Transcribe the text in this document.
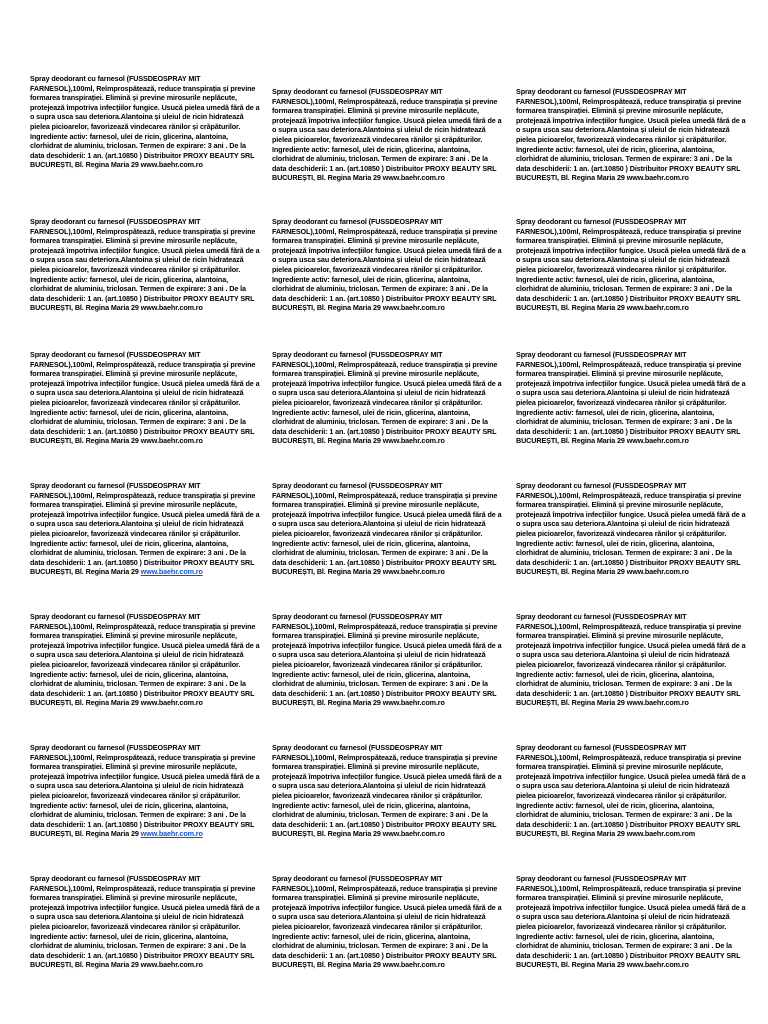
Spray deodorant cu farnesol (FUSSDEOSPRAY MIT FARNESOL),100ml, Reîmprospătează, reduce transpirația și previne formarea transpirației. Elimină și previne mirosurile neplăcute, protejează împotriva infecțiilor fungice. Usucă pielea umedă fără de a o supra usca sau deteriora.Alantoina și uleiul de ricin hidratează pielea picioarelor, favorizează vindecarea rănilor și crăpăturilor. Ingrediente activ: farnesol, ulei de ricin, glicerina, alantoina, clorhidrat de aluminiu, triclosan. Termen de expirare: 3 ani . De la data deschiderii: 1 an. (art.10850 ) Distribuitor PROXY BEAUTY SRL BUCUREȘTI, Bl. Regina Maria 29 www.baehr.com.ro

Spray deodorant cu farnesol (FUSSDEOSPRAY MIT FARNESOL),100ml, Reîmprospătează, reduce transpirația și previne formarea transpirației. Elimină și previne mirosurile neplăcute, protejează împotriva infecțiilor fungice. Usucă pielea umedă fără de a o supra usca sau deteriora.Alantoina și uleiul de ricin hidratează pielea picioarelor, favorizează vindecarea rănilor și crăpăturilor. Ingrediente activ: farnesol, ulei de ricin, glicerina, alantoina, clorhidrat de aluminiu, triclosan. Termen de expirare: 3 ani . De la data deschiderii: 1 an. (art.10850 ) Distribuitor PROXY BEAUTY SRL BUCUREȘTI, Bl. Regina Maria 29 www.baehr.com.ro

Spray deodorant cu farnesol (FUSSDEOSPRAY MIT FARNESOL),100ml, Reîmprospătează, reduce transpirația și previne formarea transpirației. Elimină și previne mirosurile neplăcute, protejează împotriva infecțiilor fungice. Usucă pielea umedă fără de a o supra usca sau deteriora.Alantoina și uleiul de ricin hidratează pielea picioarelor, favorizează vindecarea rănilor și crăpăturilor. Ingrediente activ: farnesol, ulei de ricin, glicerina, alantoina, clorhidrat de aluminiu, triclosan. Termen de expirare: 3 ani . De la data deschiderii: 1 an. (art.10850 ) Distribuitor PROXY BEAUTY SRL BUCUREȘTI, Bl. Regina Maria 29 www.baehr.com.ro

Spray deodorant cu farnesol (FUSSDEOSPRAY MIT FARNESOL),100ml, Reîmprospătează, reduce transpirația și previne formarea transpirației. Elimină și previne mirosurile neplăcute, protejează împotriva infecțiilor fungice. Usucă pielea umedă fără de a o supra usca sau deteriora.Alantoina și uleiul de ricin hidratează pielea picioarelor, favorizează vindecarea rănilor și crăpăturilor. Ingrediente activ: farnesol, ulei de ricin, glicerina, alantoina, clorhidrat de aluminiu, triclosan. Termen de expirare: 3 ani . De la data deschiderii: 1 an. (art.10850 ) Distribuitor PROXY BEAUTY SRL BUCUREȘTI, Bl. Regina Maria 29 www.baehr.com.ro

Spray deodorant cu farnesol (FUSSDEOSPRAY MIT FARNESOL),100ml, Reîmprospătează, reduce transpirația și previne formarea transpirației. Elimină și previne mirosurile neplăcute, protejează împotriva infecțiilor fungice. Usucă pielea umedă fără de a o supra usca sau deteriora.Alantoina și uleiul de ricin hidratează pielea picioarelor, favorizează vindecarea rănilor și crăpăturilor. Ingrediente activ: farnesol, ulei de ricin, glicerina, alantoina, clorhidrat de aluminiu, triclosan. Termen de expirare: 3 ani . De la data deschiderii: 1 an. (art.10850 ) Distribuitor PROXY BEAUTY SRL BUCUREȘTI, Bl. Regina Maria 29 www.baehr.com.ro

Spray deodorant cu farnesol (FUSSDEOSPRAY MIT FARNESOL),100ml, Reîmprospătează, reduce transpirația și previne formarea transpirației. Elimină și previne mirosurile neplăcute, protejează împotriva infecțiilor fungice. Usucă pielea umedă fără de a o supra usca sau deteriora.Alantoina și uleiul de ricin hidratează pielea picioarelor, favorizează vindecarea rănilor și crăpăturilor. Ingrediente activ: farnesol, ulei de ricin, glicerina, alantoina, clorhidrat de aluminiu, triclosan. Termen de expirare: 3 ani . De la data deschiderii: 1 an. (art.10850 ) Distribuitor PROXY BEAUTY SRL BUCUREȘTI, Bl. Regina Maria 29 www.baehr.com.ro

Spray deodorant cu farnesol (FUSSDEOSPRAY MIT FARNESOL),100ml, Reîmprospătează, reduce transpirația și previne formarea transpirației. Elimină și previne mirosurile neplăcute, protejează împotriva infecțiilor fungice. Usucă pielea umedă fără de a o supra usca sau deteriora.Alantoina și uleiul de ricin hidratează pielea picioarelor, favorizează vindecarea rănilor și crăpăturilor. Ingrediente activ: farnesol, ulei de ricin, glicerina, alantoina, clorhidrat de aluminiu, triclosan. Termen de expirare: 3 ani . De la data deschiderii: 1 an. (art.10850 ) Distribuitor PROXY BEAUTY SRL BUCUREȘTI, Bl. Regina Maria 29 www.baehr.com.ro

Spray deodorant cu farnesol (FUSSDEOSPRAY MIT FARNESOL),100ml, Reîmprospătează, reduce transpirația și previne formarea transpirației. Elimină și previne mirosurile neplăcute, protejează împotriva infecțiilor fungice. Usucă pielea umedă fără de a o supra usca sau deteriora.Alantoina și uleiul de ricin hidratează pielea picioarelor, favorizează vindecarea rănilor și crăpăturilor. Ingrediente activ: farnesol, ulei de ricin, glicerina, alantoina, clorhidrat de aluminiu, triclosan. Termen de expirare: 3 ani . De la data deschiderii: 1 an. (art.10850 ) Distribuitor PROXY BEAUTY SRL BUCUREȘTI, Bl. Regina Maria 29 www.baehr.com.ro

Spray deodorant cu farnesol (FUSSDEOSPRAY MIT FARNESOL),100ml, Reîmprospătează, reduce transpirația și previne formarea transpirației. Elimină și previne mirosurile neplăcute, protejează împotriva infecțiilor fungice. Usucă pielea umedă fără de a o supra usca sau deteriora.Alantoina și uleiul de ricin hidratează pielea picioarelor, favorizează vindecarea rănilor și crăpăturilor. Ingrediente activ: farnesol, ulei de ricin, glicerina, alantoina, clorhidrat de aluminiu, triclosan. Termen de expirare: 3 ani . De la data deschiderii: 1 an. (art.10850 ) Distribuitor PROXY BEAUTY SRL BUCUREȘTI, Bl. Regina Maria 29 www.baehr.com.ro

Spray deodorant cu farnesol (FUSSDEOSPRAY MIT FARNESOL),100ml, Reîmprospătează, reduce transpirația și previne formarea transpirației. Elimină și previne mirosurile neplăcute, protejează împotriva infecțiilor fungice. Usucă pielea umedă fără de a o supra usca sau deteriora.Alantoina și uleiul de ricin hidratează pielea picioarelor, favorizează vindecarea rănilor și crăpăturilor. Ingrediente activ: farnesol, ulei de ricin, glicerina, alantoina, clorhidrat de aluminiu, triclosan. Termen de expirare: 3 ani . De la data deschiderii: 1 an. (art.10850 ) Distribuitor PROXY BEAUTY SRL BUCUREȘTI, Bl. Regina Maria 29 www.baehr.com.ro

Spray deodorant cu farnesol (FUSSDEOSPRAY MIT FARNESOL),100ml, Reîmprospătează, reduce transpirația și previne formarea transpirației. Elimină și previne mirosurile neplăcute, protejează împotriva infecțiilor fungice. Usucă pielea umedă fără de a o supra usca sau deteriora.Alantoina și uleiul de ricin hidratează pielea picioarelor, favorizează vindecarea rănilor și crăpăturilor. Ingrediente activ: farnesol, ulei de ricin, glicerina, alantoina, clorhidrat de aluminiu, triclosan. Termen de expirare: 3 ani . De la data deschiderii: 1 an. (art.10850 ) Distribuitor PROXY BEAUTY SRL BUCUREȘTI, Bl. Regina Maria 29 www.baehr.com.ro

Spray deodorant cu farnesol (FUSSDEOSPRAY MIT FARNESOL),100ml, Reîmprospătează, reduce transpirația și previne formarea transpirației. Elimină și previne mirosurile neplăcute, protejează împotriva infecțiilor fungice. Usucă pielea umedă fără de a o supra usca sau deteriora.Alantoina și uleiul de ricin hidratează pielea picioarelor, favorizează vindecarea rănilor și crăpăturilor. Ingrediente activ: farnesol, ulei de ricin, glicerina, alantoina, clorhidrat de aluminiu, triclosan. Termen de expirare: 3 ani . De la data deschiderii: 1 an. (art.10850 ) Distribuitor PROXY BEAUTY SRL BUCUREȘTI, Bl. Regina Maria 29 www.baehr.com.ro

Spray deodorant cu farnesol (FUSSDEOSPRAY MIT FARNESOL),100ml, Reîmprospătează, reduce transpirația și previne formarea transpirației. Elimină și previne mirosurile neplăcute, protejează împotriva infecțiilor fungice. Usucă pielea umedă fără de a o supra usca sau deteriora.Alantoina și uleiul de ricin hidratează pielea picioarelor, favorizează vindecarea rănilor și crăpăturilor. Ingrediente activ: farnesol, ulei de ricin, glicerina, alantoina, clorhidrat de aluminiu, triclosan. Termen de expirare: 3 ani . De la data deschiderii: 1 an. (art.10850 ) Distribuitor PROXY BEAUTY SRL BUCUREȘTI, Bl. Regina Maria 29 www.baehr.com.ro

Spray deodorant cu farnesol (FUSSDEOSPRAY MIT FARNESOL),100ml, Reîmprospătează, reduce transpirația și previne formarea transpirației. Elimină și previne mirosurile neplăcute, protejează împotriva infecțiilor fungice. Usucă pielea umedă fără de a o supra usca sau deteriora.Alantoina și uleiul de ricin hidratează pielea picioarelor, favorizează vindecarea rănilor și crăpăturilor. Ingrediente activ: farnesol, ulei de ricin, glicerina, alantoina, clorhidrat de aluminiu, triclosan. Termen de expirare: 3 ani . De la data deschiderii: 1 an. (art.10850 ) Distribuitor PROXY BEAUTY SRL BUCUREȘTI, Bl. Regina Maria 29 www.baehr.com.ro

Spray deodorant cu farnesol (FUSSDEOSPRAY MIT FARNESOL),100ml, Reîmprospătează, reduce transpirația și previne formarea transpirației. Elimină și previne mirosurile neplăcute, protejează împotriva infecțiilor fungice. Usucă pielea umedă fără de a o supra usca sau deteriora.Alantoina și uleiul de ricin hidratează pielea picioarelor, favorizează vindecarea rănilor și crăpăturilor. Ingrediente activ: farnesol, ulei de ricin, glicerina, alantoina, clorhidrat de aluminiu, triclosan. Termen de expirare: 3 ani . De la data deschiderii: 1 an. (art.10850 ) Distribuitor PROXY BEAUTY SRL BUCUREȘTI, Bl. Regina Maria 29 www.baehr.com.ro

Spray deodorant cu farnesol (FUSSDEOSPRAY MIT FARNESOL),100ml, Reîmprospătează, reduce transpirația și previne formarea transpirației. Elimină și previne mirosurile neplăcute, protejează împotriva infecțiilor fungice. Usucă pielea umedă fără de a o supra usca sau deteriora.Alantoina și uleiul de ricin hidratează pielea picioarelor, favorizează vindecarea rănilor și crăpăturilor. Ingrediente activ: farnesol, ulei de ricin, glicerina, alantoina, clorhidrat de aluminiu, triclosan. Termen de expirare: 3 ani . De la data deschiderii: 1 an. (art.10850 ) Distribuitor PROXY BEAUTY SRL BUCUREȘTI, Bl. Regina Maria 29 www.baehr.com.ro

Spray deodorant cu farnesol (FUSSDEOSPRAY MIT FARNESOL),100ml, Reîmprospătează, reduce transpirația și previne formarea transpirației. Elimină și previne mirosurile neplăcute, protejează împotriva infecțiilor fungice. Usucă pielea umedă fără de a o supra usca sau deteriora.Alantoina și uleiul de ricin hidratează pielea picioarelor, favorizează vindecarea rănilor și crăpăturilor. Ingrediente activ: farnesol, ulei de ricin, glicerina, alantoina, clorhidrat de aluminiu, triclosan. Termen de expirare: 3 ani . De la data deschiderii: 1 an. (art.10850 ) Distribuitor PROXY BEAUTY SRL BUCUREȘTI, Bl. Regina Maria 29 www.baehr.com.ro

Spray deodorant cu farnesol (FUSSDEOSPRAY MIT FARNESOL),100ml, Reîmprospătează, reduce transpirația și previne formarea transpirației. Elimină și previne mirosurile neplăcute, protejează împotriva infecțiilor fungice. Usucă pielea umedă fără de a o supra usca sau deteriora.Alantoina și uleiul de ricin hidratează pielea picioarelor, favorizează vindecarea rănilor și crăpăturilor. Ingrediente activ: farnesol, ulei de ricin, glicerina, alantoina, clorhidrat de aluminiu, triclosan. Termen de expirare: 3 ani . De la data deschiderii: 1 an. (art.10850 ) Distribuitor PROXY BEAUTY SRL BUCUREȘTI, Bl. Regina Maria 29 www.baehr.com.rom

Spray deodorant cu farnesol (FUSSDEOSPRAY MIT FARNESOL),100ml, Reîmprospătează, reduce transpirația și previne formarea transpirației. Elimină și previne mirosurile neplăcute, protejează împotriva infecțiilor fungice. Usucă pielea umedă fără de a o supra usca sau deteriora.Alantoina și uleiul de ricin hidratează pielea picioarelor, favorizează vindecarea rănilor și crăpăturilor. Ingrediente activ: farnesol, ulei de ricin, glicerina, alantoina, clorhidrat de aluminiu, triclosan. Termen de expirare: 3 ani . De la data deschiderii: 1 an. (art.10850 ) Distribuitor PROXY BEAUTY SRL BUCUREȘTI, Bl. Regina Maria 29 www.baehr.com.ro

Spray deodorant cu farnesol (FUSSDEOSPRAY MIT FARNESOL),100ml, Reîmprospătează, reduce transpirația și previne formarea transpirației. Elimină și previne mirosurile neplăcute, protejează împotriva infecțiilor fungice. Usucă pielea umedă fără de a o supra usca sau deteriora.Alantoina și uleiul de ricin hidratează pielea picioarelor, favorizează vindecarea rănilor și crăpăturilor. Ingrediente activ: farnesol, ulei de ricin, glicerina, alantoina, clorhidrat de aluminiu, triclosan. Termen de expirare: 3 ani . De la data deschiderii: 1 an. (art.10850 ) Distribuitor PROXY BEAUTY SRL BUCUREȘTI, Bl. Regina Maria 29 www.baehr.com.ro

Spray deodorant cu farnesol (FUSSDEOSPRAY MIT FARNESOL),100ml, Reîmprospătează, reduce transpirația și previne formarea transpirației. Elimină și previne mirosurile neplăcute, protejează împotriva infecțiilor fungice. Usucă pielea umedă fără de a o supra usca sau deteriora.Alantoina și uleiul de ricin hidratează pielea picioarelor, favorizează vindecarea rănilor și crăpăturilor. Ingrediente activ: farnesol, ulei de ricin, glicerina, alantoina, clorhidrat de aluminiu, triclosan. Termen de expirare: 3 ani . De la data deschiderii: 1 an. (art.10850 ) Distribuitor PROXY BEAUTY SRL BUCUREȘTI, Bl. Regina Maria 29 www.baehr.com.ro
